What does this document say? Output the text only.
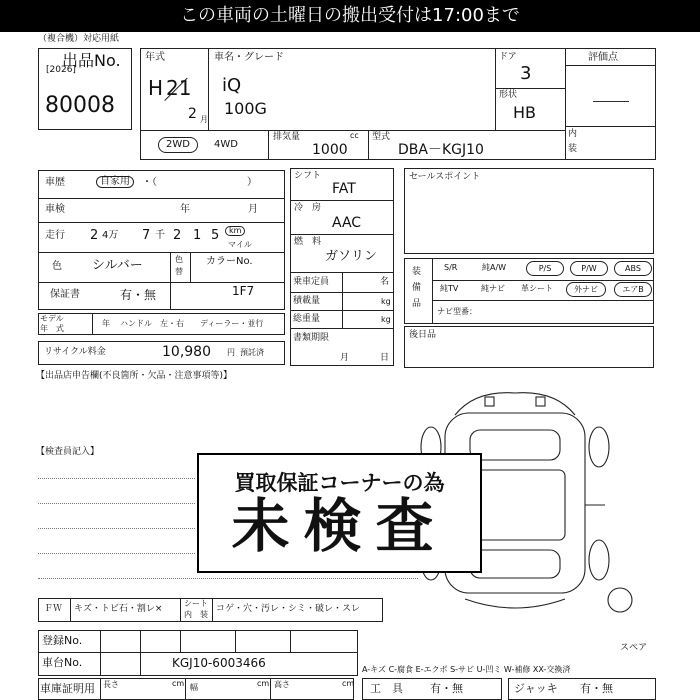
この車両の土曜日の搬出受付は17:00まで
（複合機）対応用紙
出品No.
[2026]
80008
年式
H 21
2 月
車名・グレード
iQ
100G
ドア
3
形状
HB
評価点
―――
内
装
2WD	4WD
排気量	cc
1000
型式
DBA－KGJ10
車歴	自家用	・（　　　　　　　　　）
車検	年	月
走行 2 4万 7 千 2 1 5	km
マイル
色 シルバー	色
替
カラーNo.
1F7
保証書	有・無
モデル
年　式
年 ハンドル　左・右 ディーラー・並行
リサイクル料金	10,980 円 預託済
【出品店申告欄(不良箇所・欠品・注意事項等)】
シフト
FAT
冷　房
AAC
燃　料
ガソリン
乗車定員	名
積載量	kg
総重量	kg
書類期限
月	日
セールスポイント
装
備
品
S/R	純A/W	P/S	P/W	ABS
純TV	純ナビ 革シート	外ナビ	エアB
ナビ型番：
後日品
【検査員記入】
スペア
買取保証コーナーの為
未検査
ＦＷ キズ・トビ石・割レ×
シート
内　装
コゲ・穴・汚レ・シミ・破レ・スレ
登録No.
車台No.	KGJ10-6003466	A-キズ C-腐食 E-エクボ S-サビ U-凹ミ W-補修 XX-交換済
車庫証明用 長さ	cm 幅	cm 高さ	cm 工　具 有・無	ジャッキ 有・無
